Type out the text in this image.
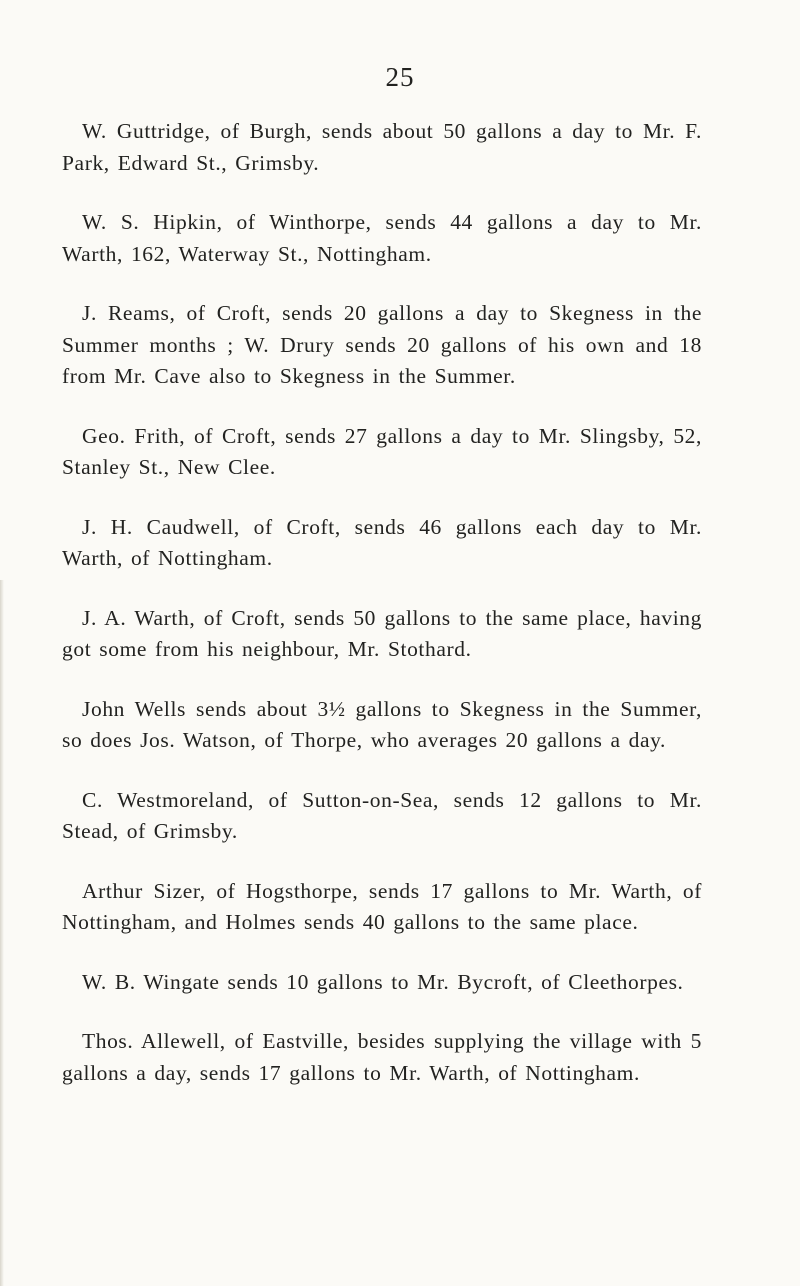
25

W. Guttridge, of Burgh, sends about 50 gallons a day to Mr. F. Park, Edward St., Grimsby.

W. S. Hipkin, of Winthorpe, sends 44 gallons a day to Mr. Warth, 162, Waterway St., Nottingham.

J. Reams, of Croft, sends 20 gallons a day to Skegness in the Summer months ; W. Drury sends 20 gallons of his own and 18 from Mr. Cave also to Skegness in the Summer.

Geo. Frith, of Croft, sends 27 gallons a day to Mr. Slingsby, 52, Stanley St., New Clee.

J. H. Caudwell, of Croft, sends 46 gallons each day to Mr. Warth, of Nottingham.

J. A. Warth, of Croft, sends 50 gallons to the same place, having got some from his neighbour, Mr. Stothard.

John Wells sends about 3½ gallons to Skegness in the Summer, so does Jos. Watson, of Thorpe, who averages 20 gallons a day.

C. Westmoreland, of Sutton-on-Sea, sends 12 gallons to Mr. Stead, of Grimsby.

Arthur Sizer, of Hogsthorpe, sends 17 gallons to Mr. Warth, of Nottingham, and Holmes sends 40 gallons to the same place.

W. B. Wingate sends 10 gallons to Mr. Bycroft, of Cleethorpes.

Thos. Allewell, of Eastville, besides supplying the village with 5 gallons a day, sends 17 gallons to Mr. Warth, of Nottingham.
